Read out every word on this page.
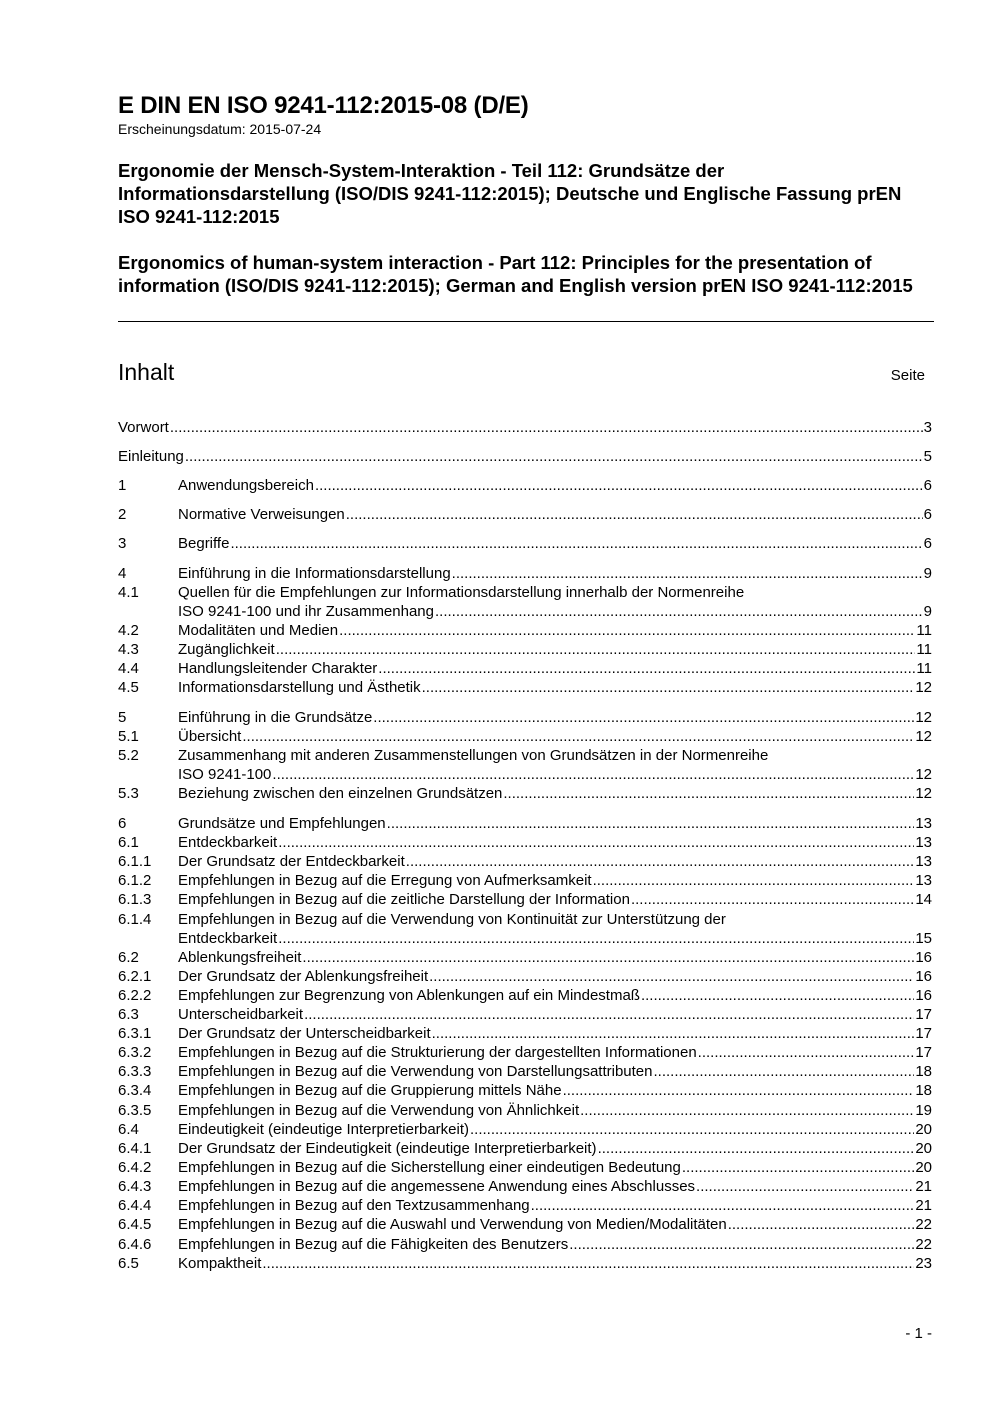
E DIN EN ISO 9241-112:2015-08 (D/E)
Erscheinungsdatum: 2015-07-24
Ergonomie der Mensch-System-Interaktion - Teil 112: Grundsätze der Informationsdarstellung (ISO/DIS 9241-112:2015); Deutsche und Englische Fassung prEN ISO 9241-112:2015
Ergonomics of human-system interaction - Part 112: Principles for the presentation of information (ISO/DIS 9241-112:2015); German and English version prEN ISO 9241-112:2015
Inhalt	Seite
Vorwort .....	3
Einleitung .....	5
1	Anwendungsbereich .....	6
2	Normative Verweisungen .....	6
3	Begriffe .....	6
4	Einführung in die Informationsdarstellung .....	9
4.1	Quellen für die Empfehlungen zur Informationsdarstellung innerhalb der Normenreihe
ISO 9241-100 und ihr Zusammenhang .....	9
4.2	Modalitäten und Medien .....	11
4.3	Zugänglichkeit .....	11
4.4	Handlungsleitender Charakter .....	11
4.5	Informationsdarstellung und Ästhetik .....	12
5	Einführung in die Grundsätze .....	12
5.1	Übersicht .....	12
5.2	Zusammenhang mit anderen Zusammenstellungen von Grundsätzen in der Normenreihe
ISO 9241-100 .....	12
5.3	Beziehung zwischen den einzelnen Grundsätzen .....	12
6	Grundsätze und Empfehlungen .....	13
6.1	Entdeckbarkeit .....	13
6.1.1 Der Grundsatz der Entdeckbarkeit .....	13
6.1.2 Empfehlungen in Bezug auf die Erregung von Aufmerksamkeit .....	13
6.1.3 Empfehlungen in Bezug auf die zeitliche Darstellung der Information .....	14
6.1.4 Empfehlungen in Bezug auf die Verwendung von Kontinuität zur Unterstützung der
Entdeckbarkeit .....	15
6.2	Ablenkungsfreiheit .....	16
6.2.1 Der Grundsatz der Ablenkungsfreiheit .....	16
6.2.2 Empfehlungen zur Begrenzung von Ablenkungen auf ein Mindestmaß .....	16
6.3	Unterscheidbarkeit .....	17
6.3.1 Der Grundsatz der Unterscheidbarkeit .....	17
6.3.2 Empfehlungen in Bezug auf die Strukturierung der dargestellten Informationen .....	17
6.3.3 Empfehlungen in Bezug auf die Verwendung von Darstellungsattributen .....	18
6.3.4 Empfehlungen in Bezug auf die Gruppierung mittels Nähe .....	18
6.3.5 Empfehlungen in Bezug auf die Verwendung von Ähnlichkeit .....	19
6.4	Eindeutigkeit (eindeutige Interpretierbarkeit) .....	20
6.4.1 Der Grundsatz der Eindeutigkeit (eindeutige Interpretierbarkeit) .....	20
6.4.2 Empfehlungen in Bezug auf die Sicherstellung einer eindeutigen Bedeutung .....	20
6.4.3 Empfehlungen in Bezug auf die angemessene Anwendung eines Abschlusses .....	21
6.4.4 Empfehlungen in Bezug auf den Textzusammenhang .....	21
6.4.5 Empfehlungen in Bezug auf die Auswahl und Verwendung von Medien/Modalitäten .....	22
6.4.6 Empfehlungen in Bezug auf die Fähigkeiten des Benutzers .....	22
6.5	Kompaktheit .....	23
- 1 -
